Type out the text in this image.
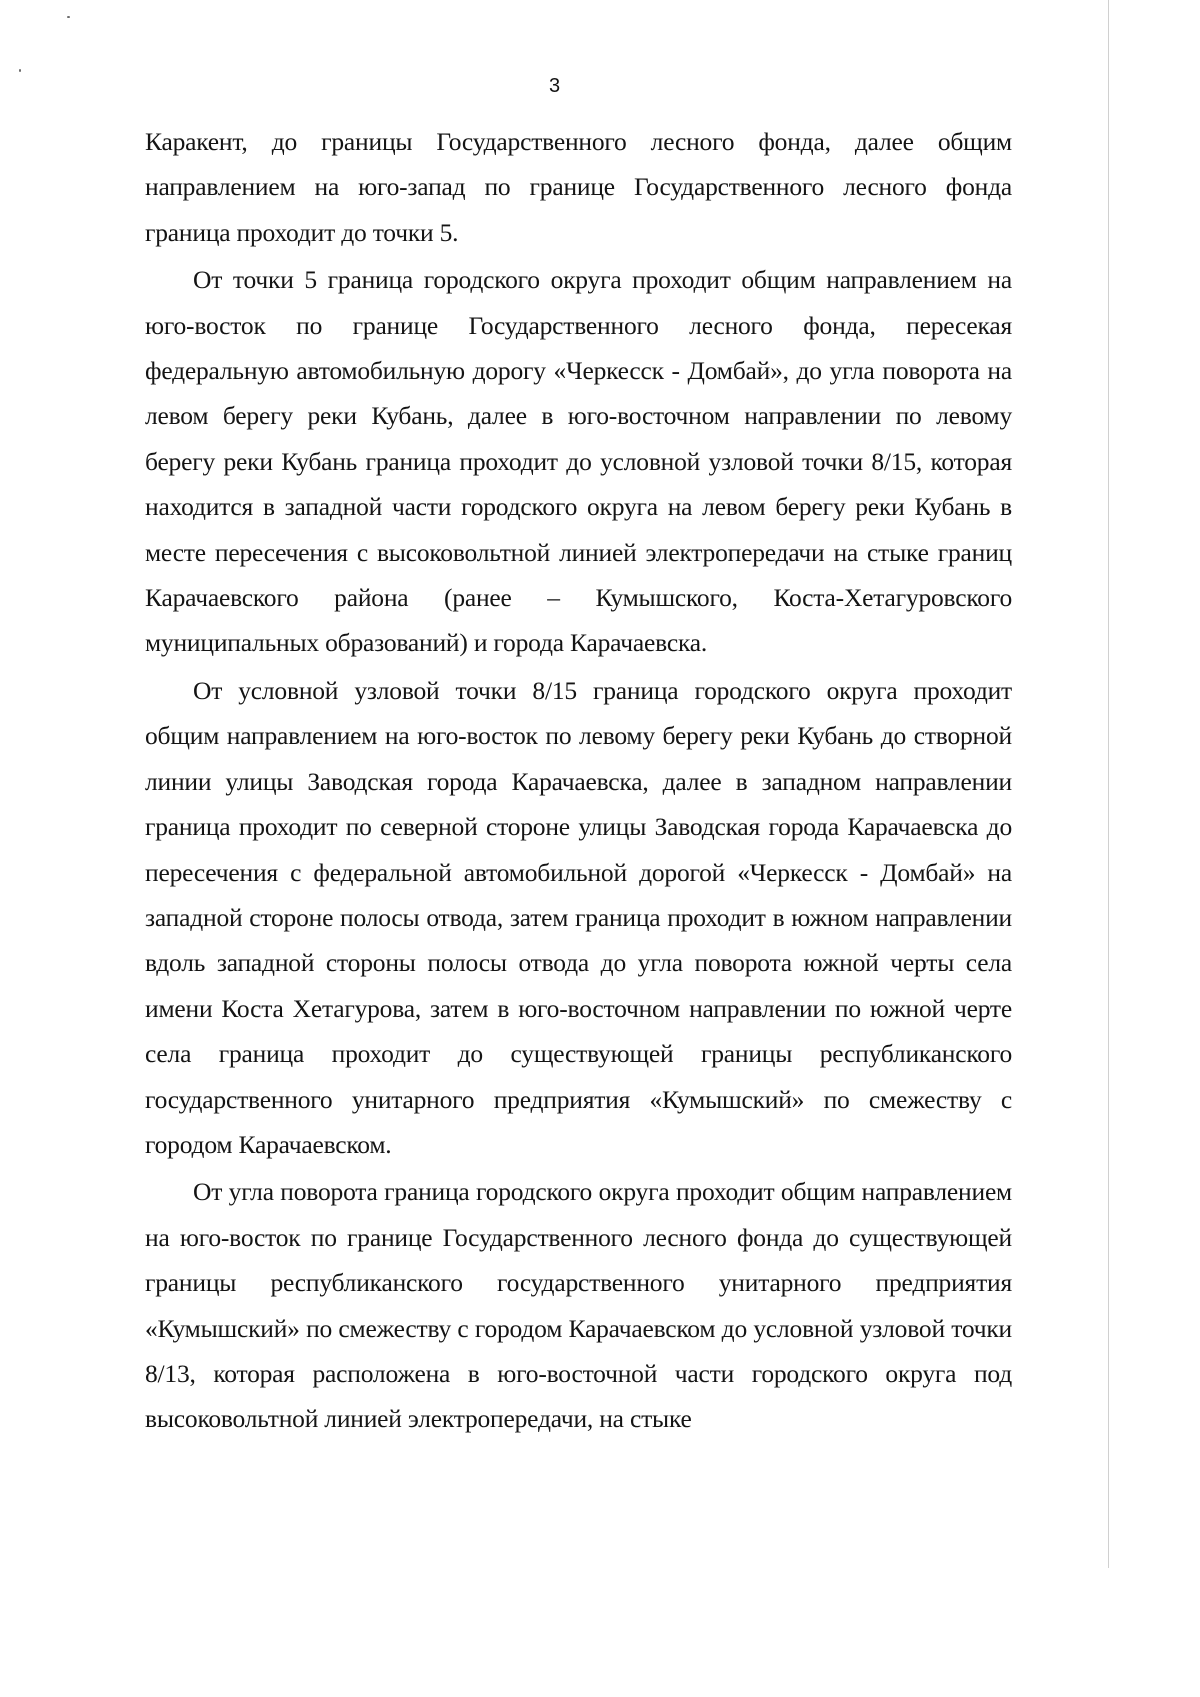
3

Каракент, до границы Государственного лесного фонда, далее общим направлением на юго-запад по границе Государственного лесного фонда граница проходит до точки 5.

От точки 5 граница городского округа проходит общим направлением на юго-восток по границе Государственного лесного фонда, пересекая федеральную автомобильную дорогу «Черкесск - Домбай», до угла поворота на левом берегу реки Кубань, далее в юго-восточном направлении по левому берегу реки Кубань граница проходит до условной узловой точки 8/15, которая находится в западной части городского округа на левом берегу реки Кубань в месте пересечения с высоковольтной линией электропередачи на стыке границ Карачаевского района (ранее – Кумышского, Коста-Хетагуровского муниципальных образований) и города Карачаевска.

От условной узловой точки 8/15 граница городского округа проходит общим направлением на юго-восток по левому берегу реки Кубань до створной линии улицы Заводская города Карачаевска, далее в западном направлении граница проходит по северной стороне улицы Заводская города Карачаевска до пересечения с федеральной автомобильной дорогой «Черкесск - Домбай» на западной стороне полосы отвода, затем граница проходит в южном направлении вдоль западной стороны полосы отвода до угла поворота южной черты села имени Коста Хетагурова, затем в юго-восточном направлении по южной черте села граница проходит до существующей границы республиканского государственного унитарного предприятия «Кумышский» по смежеству с городом Карачаевском.

От угла поворота граница городского округа проходит общим направлением на юго-восток по границе Государственного лесного фонда до существующей границы республиканского государственного унитарного предприятия «Кумышский» по смежеству с городом Карачаевском до условной узловой точки 8/13, которая расположена в юго-восточной части городского округа под высоковольтной линией электропередачи, на стыке
